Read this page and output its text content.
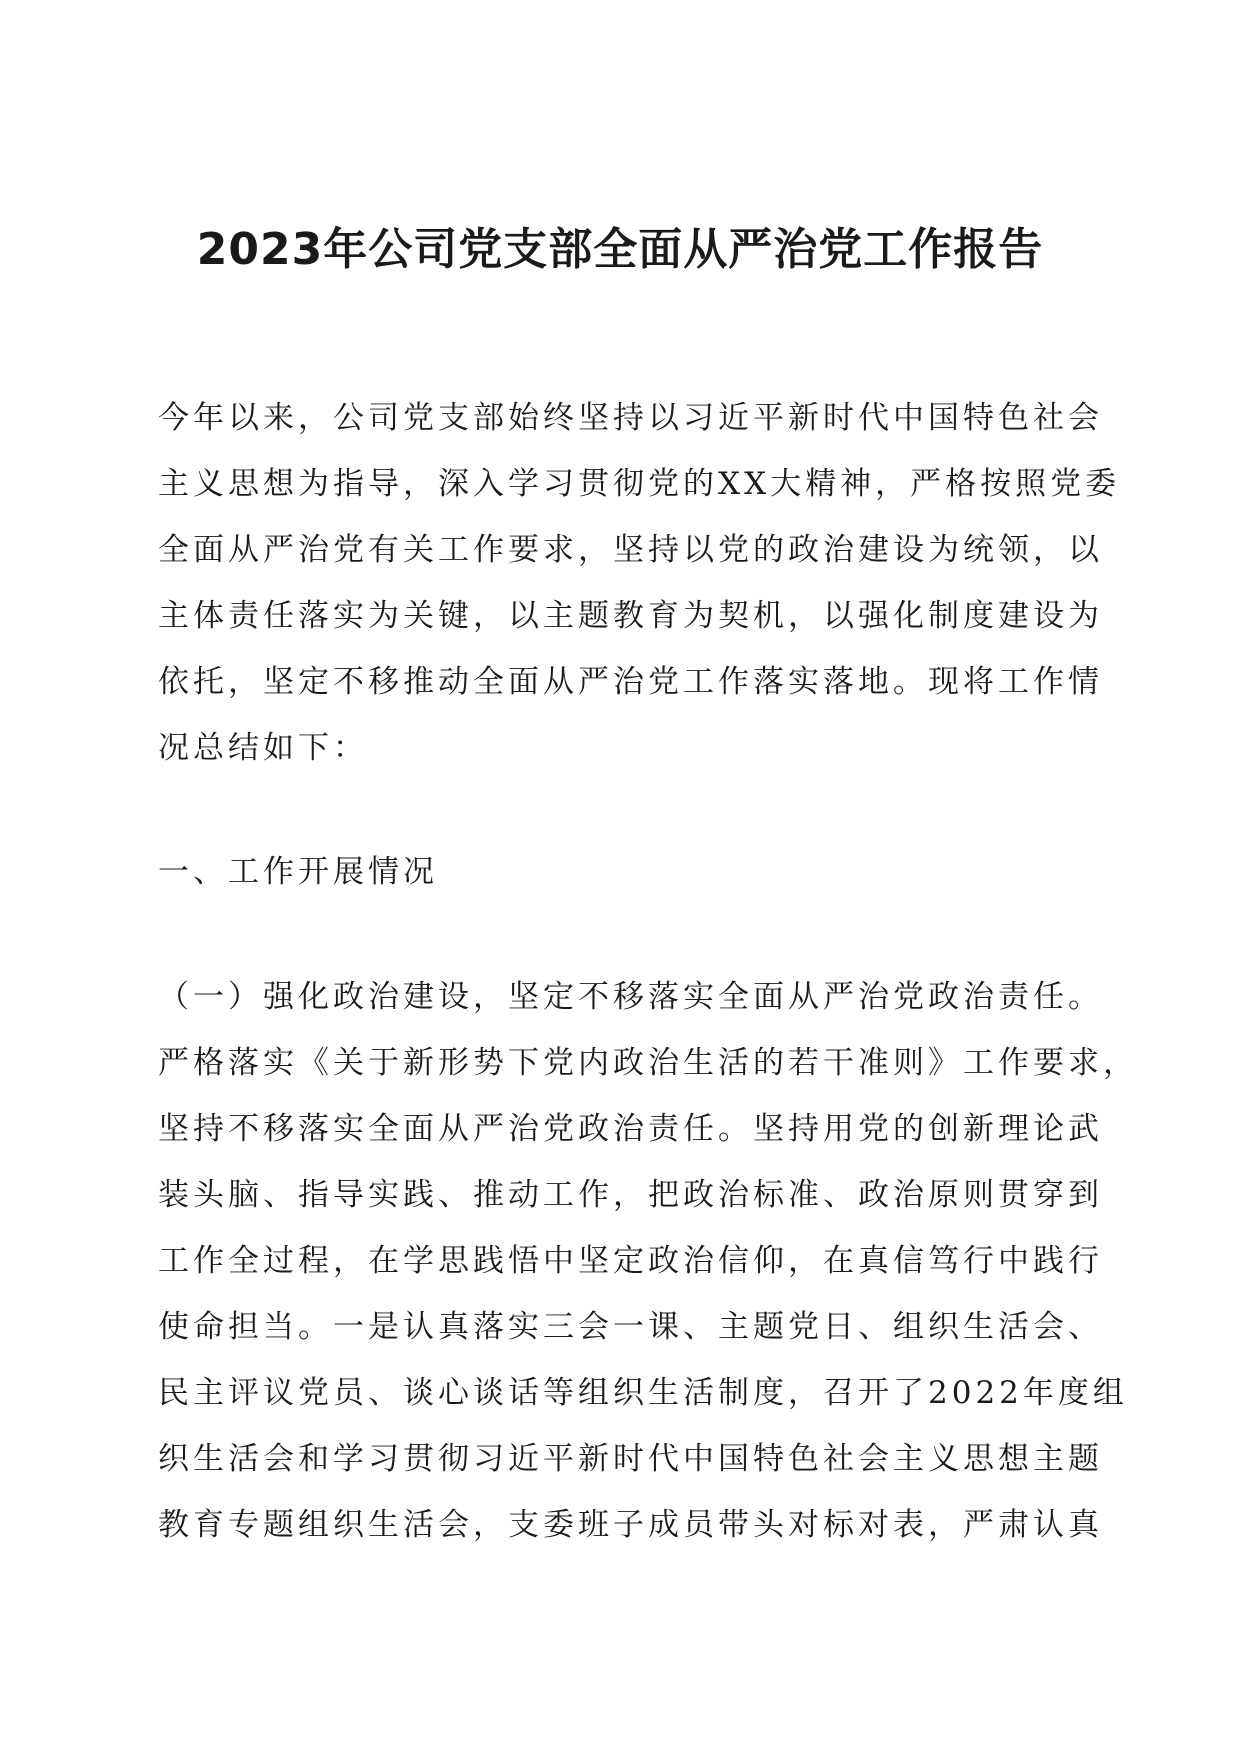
2023年公司党支部全面从严治党工作报告
今年以来，公司党支部始终坚持以习近平新时代中国特色社会
主义思想为指导，深入学习贯彻党的XX大精神，严格按照党委
全面从严治党有关工作要求，坚持以党的政治建设为统领，以
主体责任落实为关键，以主题教育为契机，以强化制度建设为
依托，坚定不移推动全面从严治党工作落实落地。现将工作情
况总结如下：
一、工作开展情况
（一）强化政治建设，坚定不移落实全面从严治党政治责任。
严格落实《关于新形势下党内政治生活的若干准则》工作要求，
坚持不移落实全面从严治党政治责任。坚持用党的创新理论武
装头脑、指导实践、推动工作，把政治标准、政治原则贯穿到
工作全过程，在学思践悟中坚定政治信仰，在真信笃行中践行
使命担当。一是认真落实三会一课、主题党日、组织生活会、
民主评议党员、谈心谈话等组织生活制度，召开了2022年度组
织生活会和学习贯彻习近平新时代中国特色社会主义思想主题
教育专题组织生活会，支委班子成员带头对标对表，严肃认真
